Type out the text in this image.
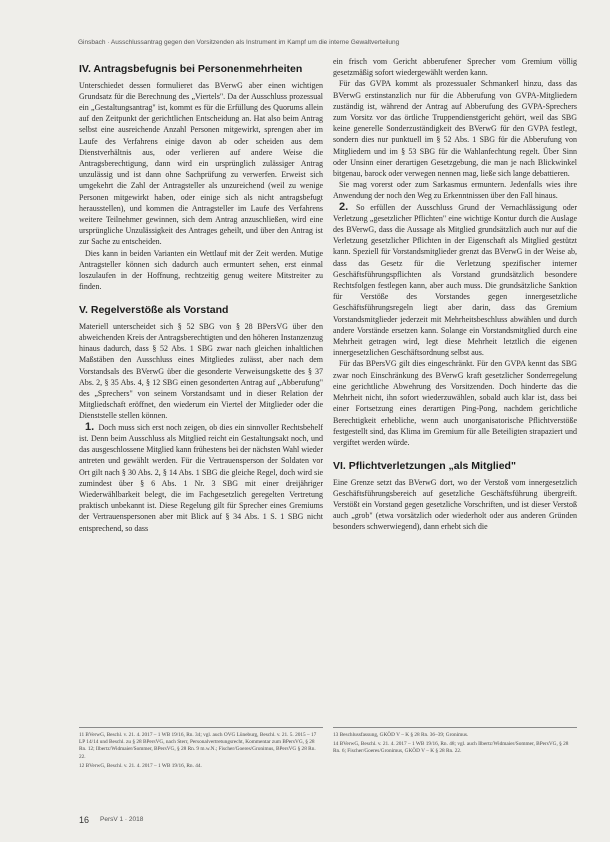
Ginsbach · Ausschlussantrag gegen den Vorsitzenden als Instrument im Kampf um die interne Gewaltverteilung
IV. Antragsbefugnis bei Personenmehrheiten

Unterschiedet dessen formulieret das BVerwG aber einen wichtigen Grundsatz für die Berechnung des „Viertels". Da der Ausschluss prozessual ein „Gestaltungsantrag" ist, kommt es für die Erfüllung des Quorums allein auf den Zeitpunkt der gerichtlichen Entscheidung an. Hat also beim Antrag selbst eine ausreichende Anzahl Personen mitgewirkt, sprengen aber im Laufe des Verfahrens einige davon ab oder scheiden aus dem Dienstverhältnis aus, oder verlieren auf andere Weise die Antragsberechtigung, dann wird ein ursprünglich zulässiger Antrag unzulässig und ist dann ohne Sachprüfung zu verwerfen. Erweist sich umgekehrt die Zahl der Antragsteller als unzureichend (weil zu wenige Personen mitgewirkt haben, oder einige sich als nicht antragsbefugt herausstellen), und kommen die Antragsteller im Laufe des Verfahrens weitere Teilnehmer gewinnen, sich dem Antrag anzuschließen, wird eine ursprüngliche Unzulässigkeit des Antrages geheilt, und über den Antrag ist zur Sache zu entscheiden.

Dies kann in beiden Varianten ein Wettlauf mit der Zeit werden. Mutige Antragsteller können sich dadurch auch ermuntert sehen, erst einmal loszulaufen in der Hoffnung, rechtzeitig genug weitere Mitstreiter zu finden.

V. Regelverstöße als Vorstand

Materiell unterscheidet sich § 52 SBG von § 28 BPersVG über den abweichenden Kreis der Antragsberechtigten und den höheren Instanzenzug hinaus dadurch, dass § 52 Abs. 1 SBG zwar nach gleichen inhaltlichen Maßstäben den Ausschluss eines Mitgliedes zulässt, aber nach dem Vorstandsals des BVerwG über die gesonderte Verweisungskette des § 37 Abs. 2, § 35 Abs. 4, § 12 SBG einen gesonderten Antrag auf „Abberufung" des „Sprechers" von seinem Vorstandsamt und in dieser Relation der Mitgliedschaft eröffnet, den wiederum ein Viertel der Mitglieder oder die Dienststelle stellen können.

1. Doch muss sich erst noch zeigen, ob dies ein sinnvoller Rechtsbehelf ist. Denn beim Ausschluss als Mitglied reicht ein Gestaltungsakt noch, und das ausgeschlossene Mitglied kann frühestens bei der nächsten Wahl wieder antreten und gewählt werden. Für die Vertrauensperson der Soldaten vor Ort gilt nach § 30 Abs. 2, § 14 Abs. 1 SBG die gleiche Regel, doch wird sie zumindest über § 6 Abs. 1 Nr. 3 SBG mit einer dreijähriger Wiederwählbarkeit belegt, die im Fachgesetzlich geregelten Vertretung praktisch unbekannt ist. Diese Regelung gilt für Sprecher eines Gremiums der Vertrauenspersonen aber mit Blick auf § 34 Abs. 1 S. 1 SBG nicht entsprechend, so dass

ein frisch vom Gericht abberufener Sprecher vom Gremium völlig gesetzmäßig sofort wiedergewählt werden kann.

Für das GVPA kommt als prozessualer Schmankerl hinzu, dass das BVerwG erstinstanzlich nur für die Abberufung von GVPA-Mitgliedern zuständig ist, während der Antrag auf Abberufung des GVPA-Sprechers zum Vorsitz vor das örtliche Truppendienstgericht gehört, weil das SBG keine generelle Sonderzuständigkeit des BVerwG für den GVPA festlegt, sondern dies nur punktuell im § 52 Abs. 1 SBG für die Abberufung von Mitgliedern und im § 53 SBG für die Wahlanfechtung regelt. Über Sinn oder Unsinn einer derartigen Gesetzgebung, die man je nach Blickwinkel bitgenau, barock oder verwegen nennen mag, ließe sich lange debattieren.

Sie mag vorerst oder zum Sarkasmus ermuntern. Jedenfalls wies ihre Anwendung der noch den Weg zu Erkenntnissen über den Fall hinaus.

2. So erfüllen der Ausschluss Grund der Vernachlässigung oder Verletzung „gesetzlicher Pflichten" eine wichtige Kontur durch die Auslage des BVerwG, dass die Aussage als Mitglied grundsätzlich auch nur auf die Verletzung gesetzlicher Pflichten in der Eigenschaft als Mitglied gestützt kann. Speziell für Vorstandsmitglieder grenzt das BVerwG in der Weise ab, dass das Gesetz für die Verletzung spezifischer interner Geschäftsführungspflichten als Vorstand grundsätzlich besondere Rechtsfolgen festlegen kann, aber auch muss. Die grundsätzliche Sanktion für Verstöße des Vorstandes gegen innergesetzliche Geschäftsführungsregeln liegt aber darin, dass das Gremium Vorstandsmitglieder jederzeit mit Mehrheitsbeschluss abwählen und durch andere Vorstände ersetzen kann. Solange ein Vorstandsmitglied durch eine Mehrheit getragen wird, legt diese Mehrheit letztlich die eigenen innergesetzlichen Geschäftsordnung selbst aus.

Für das BPersVG gilt dies eingeschränkt. Für den GVPA kennt das SBG zwar noch Einschränkung des BVerwG kraft gesetzlicher Sonderregelung eine gerichtliche Abwehrung des Vorsitzenden. Doch hinderte das die Mehrheit nicht, ihn sofort wiederzuwählen, sobald auch klar ist, dass bei einer Fortsetzung eines derartigen Ping-Pong, nachdem gerichtliche Berechtigkeit erhebliche, wenn auch unorganisatorische Pflichtverstöße festgestellt sind, das Klima im Gremium für alle Beteiligten strapaziert und vergiftet werden würde.

VI. Pflichtverletzungen „als Mitglied"

Eine Grenze setzt das BVerwG dort, wo der Verstoß vom innergesetzlich Geschäftsführungsbereich auf gesetzliche Geschäftsführung übergreift. Verstößt ein Vorstand gegen gesetzliche Vorschriften, und ist dieser Verstoß auch „grob" (etwa vorsätzlich oder wiederholt oder aus anderen Gründen besonders schwerwiegend), dann erhebt sich die

11 BVerwG, Beschl. v. 21. 4. 2017 – 1 WB 19/16, Rn. 34; vgl. auch OVG Lüneburg, Beschl. v. 21. 5. 2015 – 17 LP 14/14 und Beschl. zu § 28 BPersVG, nach Sterr, Personalvertretungsrecht, Kommentar zum BPersVG, § 28 Rn. 12; Ilbertz/Widmaier/Sommer, BPersVG, § 28 Rn. 9 m.w.N.; Fischer/Goeres/Gronimus, BPersVG § 28 Rn. 22.

12 BVerwG, Beschl. v. 21. 4. 2017 – 1 WB 19/16, Rn. 44.

13 Beschlussfassung, GKÖD V – K § 28 Rn. 36–39; Gronimus.

14 BVerwG, Beschl. v. 21. 4. 2017 – 1 WB 19/16, Rn. 48; vgl. auch Ilbertz/Widmaier/Sommer, BPersVG, § 28 Rn. 6; Fischer/Goeres/Gronimus, GKÖD V – K § 28 Rn. 22.

16 PersV 1 · 2018
